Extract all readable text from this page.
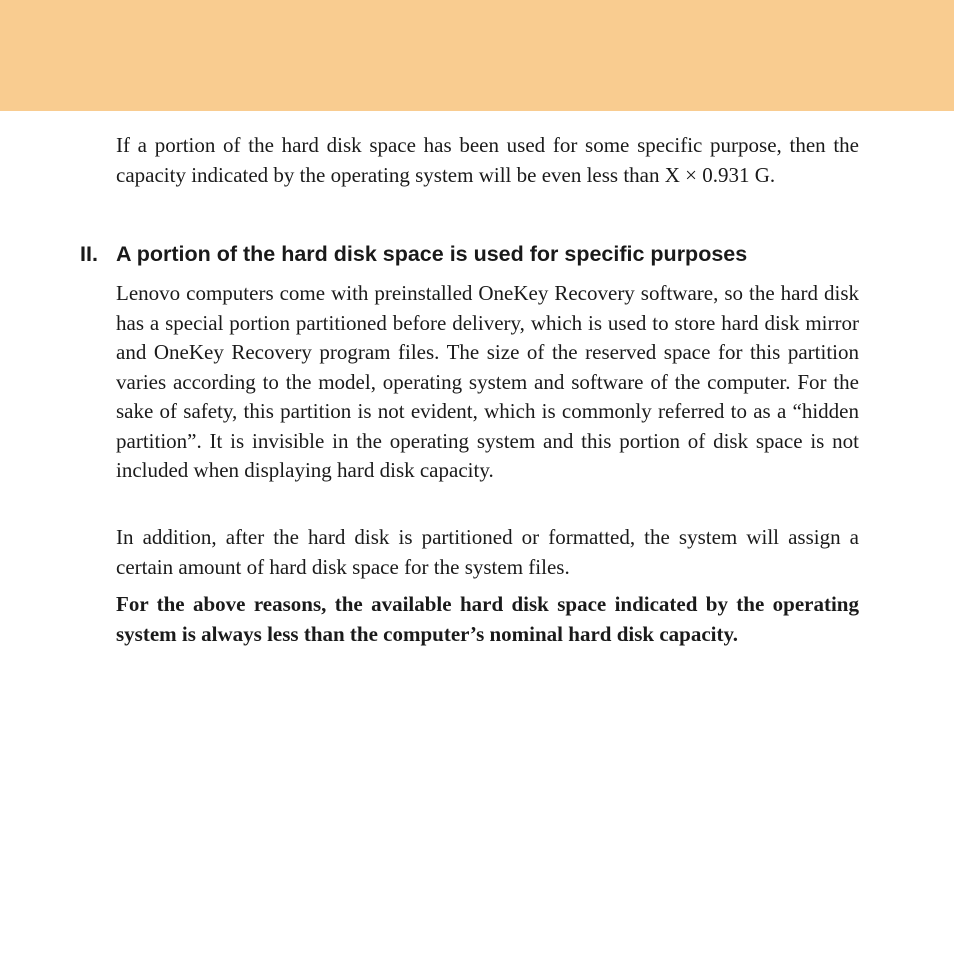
If a portion of the hard disk space has been used for some specific purpose, then the capacity indicated by the operating system will be even less than X × 0.931 G.

II. A portion of the hard disk space is used for specific purposes

Lenovo computers come with preinstalled OneKey Recovery software, so the hard disk has a special portion partitioned before delivery, which is used to store hard disk mirror and OneKey Recovery program files. The size of the reserved space for this partition varies according to the model, operating system and software of the computer. For the sake of safety, this partition is not evident, which is commonly referred to as a “hidden partition”. It is invisible in the operating system and this portion of disk space is not included when displaying hard disk capacity.

In addition, after the hard disk is partitioned or formatted, the system will assign a certain amount of hard disk space for the system files.

For the above reasons, the available hard disk space indicated by the operating system is always less than the computer’s nominal hard disk capacity.
